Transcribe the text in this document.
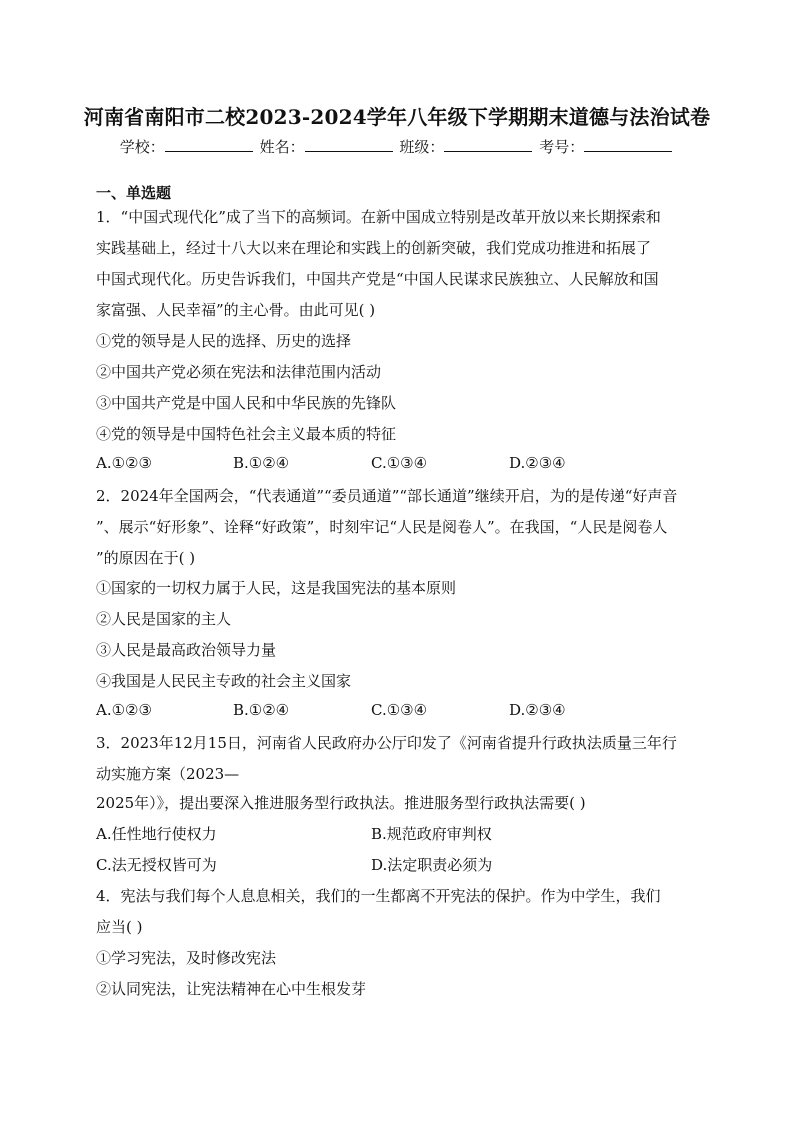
河南省南阳市二校2023-2024学年八年级下学期期末道德与法治试卷
学校：	姓名：	班级：	考号：
一、单选题
1．“中国式现代化”成了当下的高频词。在新中国成立特别是改革开放以来长期探索和
实践基础上，经过十八大以来在理论和实践上的创新突破，我们党成功推进和拓展了
中国式现代化。历史告诉我们，中国共产党是“中国人民谋求民族独立、人民解放和国
家富强、人民幸福”的主心骨。由此可见( )
①党的领导是人民的选择、历史的选择
②中国共产党必须在宪法和法律范围内活动
③中国共产党是中国人民和中华民族的先锋队
④党的领导是中国特色社会主义最本质的特征
A.①②③	B.①②④	C.①③④	D.②③④
2．2024年全国两会，“代表通道”“委员通道”“部长通道”继续开启，为的是传递“好声音
”、展示“好形象”、诠释“好政策”，时刻牢记“人民是阅卷人”。在我国，“人民是阅卷人
”的原因在于( )
①国家的一切权力属于人民，这是我国宪法的基本原则
②人民是国家的主人
③人民是最高政治领导力量
④我国是人民民主专政的社会主义国家
A.①②③	B.①②④	C.①③④	D.②③④
3．2023年12月15日，河南省人民政府办公厅印发了《河南省提升行政执法质量三年行
动实施方案（2023—
2025年）》，提出要深入推进服务型行政执法。推进服务型行政执法需要( )
A.任性地行使权力	B.规范政府审判权
C.法无授权皆可为	D.法定职责必须为
4．宪法与我们每个人息息相关，我们的一生都离不开宪法的保护。作为中学生，我们
应当( )
①学习宪法，及时修改宪法
②认同宪法，让宪法精神在心中生根发芽
